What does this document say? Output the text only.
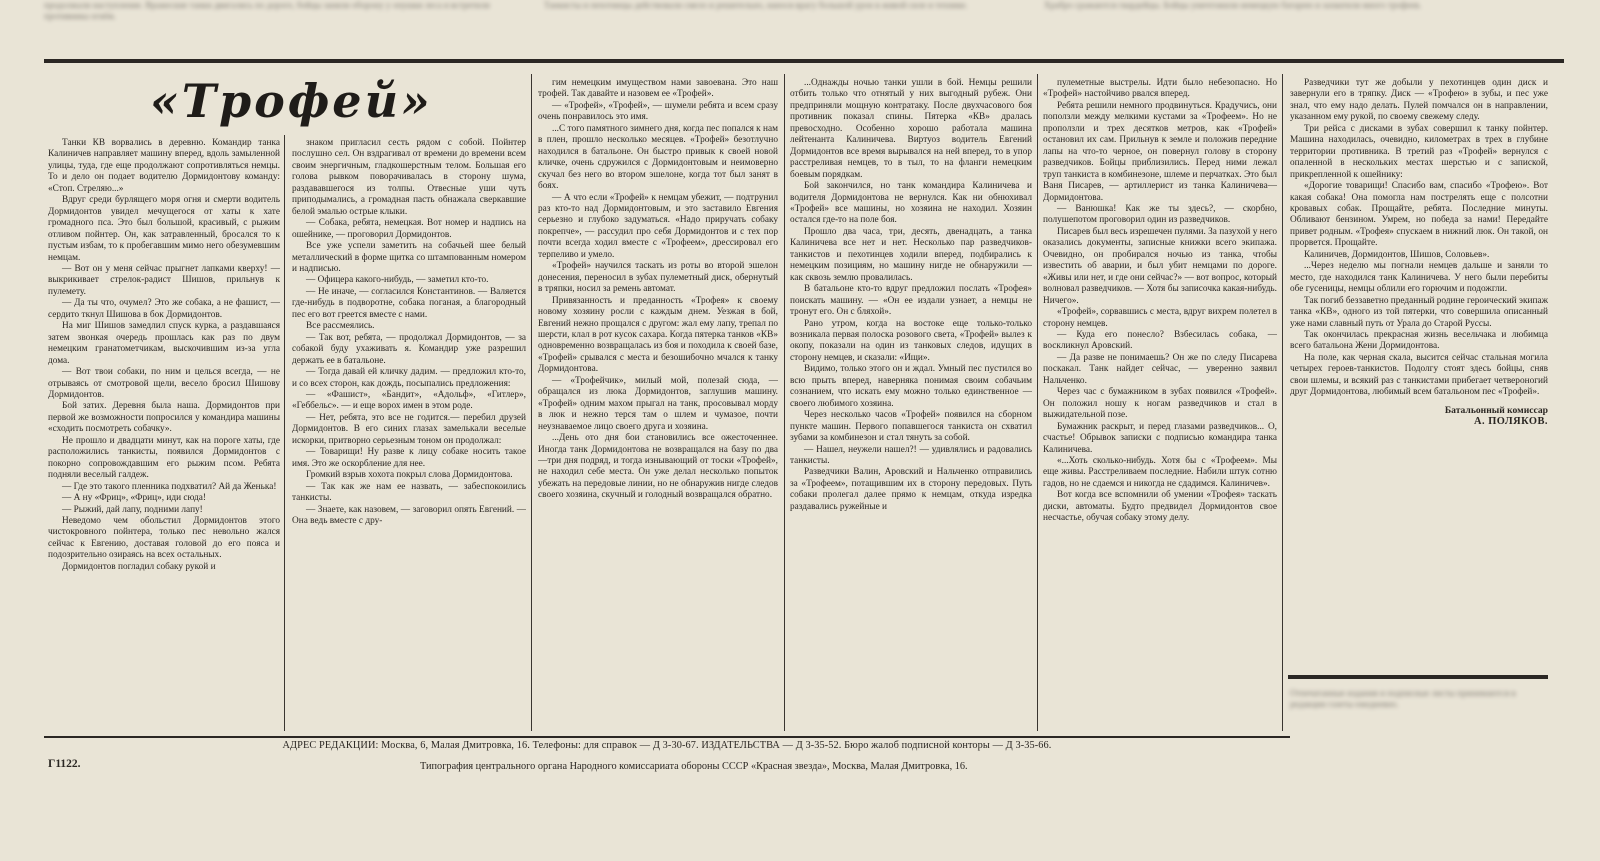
продолжали наступление. Вражеские танки двигались по дороге, бойцы заняли оборону у опушки леса и встретили противника огнём.
Танкисты и пехотинцы действовали смело и решительно, нанося врагу большой урон в живой силе и технике.	Храбро сражаются гвардейцы. Бойцы уничтожили немецкую батарею и захватили много трофеев.
«Трофей»

Танки КВ ворвались в деревню. Командир танка Калиничев направляет машину вперед, вдоль замыленной улицы, туда, где еще продолжают сопротивляться немцы. То и дело он подает водителю Дормидонтову команду: «Стоп. Стреляю...»

Вдруг среди бурлящего моря огня и смерти водитель Дормидонтов увидел мечущегося от хаты к хате громадного пса. Это был большой, красивый, с рыжим отливом пойнтер. Он, как затравленный, бросался то к пустым избам, то к пробегавшим мимо него обезумевшим немцам.

— Вот он у меня сейчас прыгнет лапками кверху! — выкрикивает стрелок-радист Шишов, прильнув к пулемету.

— Да ты что, очумел? Это же собака, а не фашист, — сердито ткнул Шишова в бок Дормидонтов.

На миг Шишов замедлил спуск курка, а раздавшаяся затем звонкая очередь прошлась как раз по двум немецким гранатометчикам, выскочившим из-за угла дома.

— Вот твои собаки, по ним и целься всегда, — не отрываясь от смотровой щели, весело бросил Шишову Дормидонтов.

Бой затих. Деревня была наша. Дормидонтов при первой же возможности попросился у командира машины «сходить посмотреть собачку».

Не прошло и двадцати минут, как на пороге хаты, где расположились танкисты, появился Дормидонтов с покорно сопровождавшим его рыжим псом. Ребята подняли веселый галдеж.

— Где это такого пленника подхватил? Ай да Женька!

— А ну «Фриц», «Фриц», иди сюда!

— Рыжий, дай лапу, подними лапу!

Неведомо чем обольстил Дормидонтов этого чистокровного пойнтера, только пес невольно жался сейчас к Евгению, доставая головой до его пояса и подозрительно озираясь на всех остальных.

Дормидонтов погладил собаку рукой и

знаком пригласил сесть рядом с собой. Пойнтер послушно сел. Он вздрагивал от времени до времени всем своим энергичным, гладкошерстным телом. Большая его голова рывком поворачивалась в сторону шума, раздававшегося из толпы. Отвесные уши чуть приподымались, а громадная пасть обнажала сверкавшие белой эмалью острые клыки.

— Собака, ребята, немецкая. Вот номер и надпись на ошейнике, — проговорил Дормидонтов.

Все уже успели заметить на собачьей шее белый металлический в форме щитка со штампованным номером и надписью.

— Офицера какого-нибудь, — заметил кто-то.

— Не иначе, — согласился Константинов. — Валяется где-нибудь в подворотне, собака поганая, а благородный пес его вот греется вместе с нами.

Все рассмеялись.

— Так вот, ребята, — продолжал Дормидонтов, — за собакой буду ухаживать я. Командир уже разрешил держать ее в батальоне.

— Тогда давай ей кличку дадим. — предложил кто-то, и со всех сторон, как дождь, посыпались предложения:

— «Фашист», «Бандит», «Адольф», «Гитлер», «Геббельс». — и еще ворох имен в этом роде.

— Нет, ребята, это все не годится.— перебил друзей Дормидонтов. В его синих глазах замелькали веселые искорки, притворно серьезным тоном он продолжал:

— Товарищи! Ну разве к лицу собаке носить такое имя. Это же оскорбление для нее.

Громкий взрыв хохота покрыл слова Дормидонтова.

— Так как же нам ее назвать, — забеспокоились танкисты.

— Знаете, как назовем, — заговорил опять Евгений. — Она ведь вместе с дру-

гим немецким имуществом нами завоевана. Это наш трофей. Так давайте и назовем ее «Трофей».

— «Трофей», «Трофей», — шумели ребята и всем сразу очень понравилось это имя.

...С того памятного зимнего дня, когда пес попался к нам в плен, прошло несколько месяцев. «Трофей» безотлучно находился в батальоне. Он быстро привык к своей новой кличке, очень сдружился с Дормидонтовым и неимоверно скучал без него во втором эшелоне, когда тот был занят в боях.

— А что если «Трофей» к немцам убежит, — подтрунил раз кто-то над Дормидонтовым, и это заставило Евгения серьезно и глубоко задуматься. «Надо приручать собаку покрепче», — рассудил про себя Дормидонтов и с тех пор почти всегда ходил вместе с «Трофеем», дрессировал его терпеливо и умело.

«Трофей» научился таскать из роты во второй эшелон донесения, переносил в зубах пулеметный диск, обернутый в тряпки, носил за ремень автомат.

Привязанность и преданность «Трофея» к своему новому хозяину росли с каждым днем. Уезжая в бой, Евгений нежно прощался с другом: жал ему лапу, трепал по шерсти, клал в рот кусок сахара. Когда пятерка танков «КВ» одновременно возвращалась из боя и походила к своей базе, «Трофей» срывался с места и безошибочно мчался к танку Дормидонтова.

— «Трофейчик», милый мой, полезай сюда, — обращался из люка Дормидонтов, заглушив машину. «Трофей» одним махом прыгал на танк, просовывал морду в люк и нежно терся там о шлем и чумазое, почти неузнаваемое лицо своего друга и хозяина.

...День ото дня бои становились все ожесточеннее. Иногда танк Дормидонтова не возвращался на базу по два—три дня подряд, и тогда изнывающий от тоски «Трофей», не находил себе места. Он уже делал несколько попыток убежать на передовые линии, но не обнаружив нигде следов своего хозяина, скучный и голодный возвращался обратно.

...Однажды ночью танки ушли в бой. Немцы решили отбить только что отнятый у них выгодный рубеж. Они предприняли мощную контратаку. После двухчасового боя противник показал спины. Пятерка «КВ» дралась превосходно. Особенно хорошо работала машина лейтенанта Калиничева. Виртуоз водитель Евгений Дормидонтов все время вырывался на ней вперед, то в упор расстреливая немцев, то в тыл, то на фланги немецким боевым порядкам.

Бой закончился, но танк командира Калиничева и водителя Дормидонтова не вернулся. Как ни обнюхивал «Трофей» все машины, но хозяина не находил. Хозяин остался где-то на поле боя.

Прошло два часа, три, десять, двенадцать, а танка Калиничева все нет и нет. Несколько пар разведчиков-танкистов и пехотинцев ходили вперед, подбирались к немецким позициям, но машину нигде не обнаружили — как сквозь землю провалилась.

В батальоне кто-то вдруг предложил послать «Трофея» поискать машину. — «Он ее издали узнает, а немцы не тронут его. Он с бляхой».

Рано утром, когда на востоке еще только-только возникала первая полоска розового света, «Трофей» вылез к окопу, показали на один из танковых следов, идущих в сторону немцев, и сказали: «Ищи».

Видимо, только этого он и ждал. Умный пес пустился во всю прыть вперед, наверняка понимая своим собачьим сознанием, что искать ему можно только единственное — своего любимого хозяина.

Через несколько часов «Трофей» появился на сборном пункте машин. Первого попавшегося танкиста он схватил зубами за комбинезон и стал тянуть за собой.

— Нашел, неужели нашел?! — удивлялись и радовались танкисты.

Разведчики Валин, Аровский и Нальченко отправились за «Трофеем», потащившим их в сторону передовых. Путь собаки пролегал далее прямо к немцам, откуда изредка раздавались ружейные и

пулеметные выстрелы. Идти было небезопасно. Но «Трофей» настойчиво рвался вперед.

Ребята решили немного продвинуться. Крадучись, они поползли между мелкими кустами за «Трофеем». Но не проползли и трех десятков метров, как «Трофей» остановил их сам. Прильнув к земле и положив передние лапы на что-то черное, он повернул голову в сторону разведчиков. Бойцы приблизились. Перед ними лежал труп танкиста в комбинезоне, шлеме и перчатках. Это был Ваня Писарев, — артиллерист из танка Калиничева—Дормидонтова.

— Ванюшка! Как же ты здесь?, — скорбно, полушепотом проговорил один из разведчиков.

Писарев был весь изрешечен пулями. За пазухой у него оказались документы, записные книжки всего экипажа. Очевидно, он пробирался ночью из танка, чтобы известить об аварии, и был убит немцами по дороге. «Живы или нет, и где они сейчас?» — вот вопрос, который волновал разведчиков. — Хотя бы записочка какая-нибудь. Ничего».

«Трофей», сорвавшись с места, вдруг вихрем полетел в сторону немцев.

— Куда его понесло? Взбесилась собака, — воскликнул Аровский.

— Да разве не понимаешь? Он же по следу Писарева поскакал. Танк найдет сейчас, — уверенно заявил Нальченко.

Через час с бумажником в зубах появился «Трофей». Он положил ношу к ногам разведчиков и стал в выжидательной позе.

Бумажник раскрыт, и перед глазами разведчиков... О, счастье! Обрывок записки с подписью командира танка Калиничева.

«...Хоть сколько-нибудь. Хотя бы с «Трофеем». Мы еще живы. Расстреливаем последние. Набили штук сотню гадов, но не сдаемся и никогда не сдадимся. Калиничев».

Вот когда все вспомнили об умении «Трофея» таскать диски, автоматы. Будто предвидел Дормидонтов свое несчастье, обучая собаку этому делу.

Разведчики тут же добыли у пехотинцев один диск и завернули его в тряпку. Диск — «Трофею» в зубы, и пес уже знал, что ему надо делать. Пулей помчался он в направлении, указанном ему рукой, по своему свежему следу.

Три рейса с дисками в зубах совершил к танку пойнтер. Машина находилась, очевидно, километрах в трех в глубине территории противника. В третий раз «Трофей» вернулся с опаленной в нескольких местах шерстью и с запиской, прикрепленной к ошейнику:

«Дорогие товарищи! Спасибо вам, спасибо «Трофею». Вот какая собака! Она помогла нам пострелять еще с полсотни кровавых собак. Прощайте, ребята. Последние минуты. Обливают бензином. Умрем, но победа за нами! Передайте привет родным. «Трофея» спускаем в нижний люк. Он такой, он прорвется. Прощайте.

Калиничев, Дормидонтов, Шишов, Соловьев».

...Через неделю мы погнали немцев дальше и заняли то место, где находился танк Калиничева. У него были перебиты обе гусеницы, немцы облили его горючим и подожгли.

Так погиб беззаветно преданный родине героический экипаж танка «КВ», одного из той пятерки, что совершила описанный уже нами славный путь от Урала до Старой Руссы.

Так окончилась прекрасная жизнь весельчака и любимца всего батальона Жени Дормидонтова.

На поле, как черная скала, высится сейчас стальная могила четырех героев-танкистов. Подолгу стоят здесь бойцы, сняв свои шлемы, и всякий раз с танкистами прибегает четвероногий друг Дормидонтова, любимый всем батальоном пес «Трофей».

Батальонный комиссар
А. ПОЛЯКОВ.
Отпечатанные издания и подписные листы принимаются в редакции газеты ежедневно.
АДРЕС РЕДАКЦИИ: Москва, 6, Малая Дмитровка, 16. Телефоны: для справок — Д 3-30-67. ИЗДАТЕЛЬСТВА — Д 3-35-52. Бюро жалоб подписной конторы — Д 3-35-66.
Г1122.	Типография центрального органа Народного комиссариата обороны СССР «Красная звезда», Москва, Малая Дмитровка, 16.
